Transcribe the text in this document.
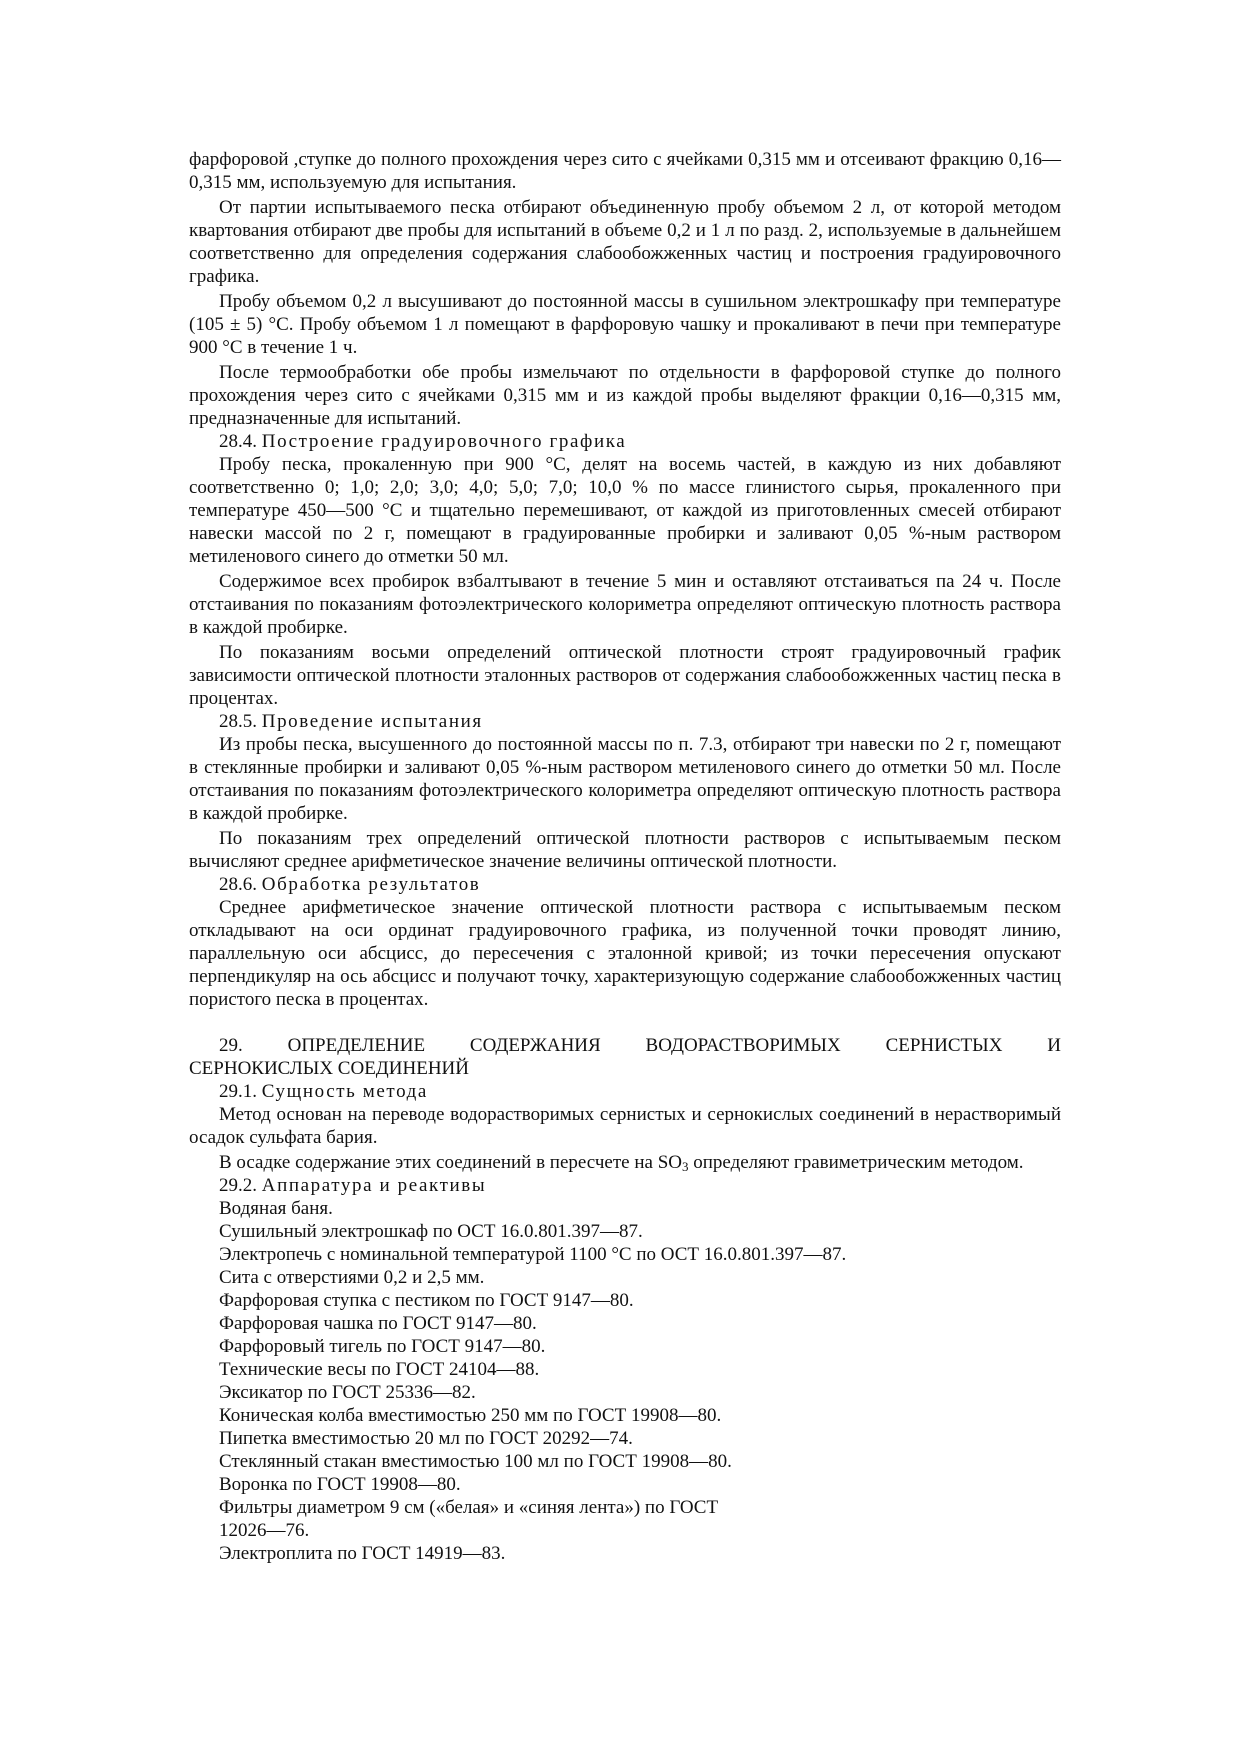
фарфоровой ,ступке до полного прохождения через сито с ячейками 0,315 мм и отсеивают фракцию 0,16—0,315 мм, используемую для испытания.

От партии испытываемого песка отбирают объединенную пробу объемом 2 л, от которой методом квартования отбирают две пробы для испытаний в объеме 0,2 и 1 л по разд. 2, используемые в дальнейшем соответственно для определения содержания слабообожженных частиц и построения градуировочного графика.

Пробу объемом 0,2 л высушивают до постоянной массы в сушильном электрошкафу при температуре (105 ± 5) °С. Пробу объемом 1 л помещают в фарфоровую чашку и прокаливают в печи при температуре 900 °С в течение 1 ч.

После термообработки обе пробы измельчают по отдельности в фарфоровой ступке до полного прохождения через сито с ячейками 0,315 мм и из каждой пробы выделяют фракции 0,16—0,315 мм, предназначенные для испытаний.

28.4. Построение градуировочного графика

Пробу песка, прокаленную при 900 °С, делят на восемь частей, в каждую из них добавляют соответственно 0; 1,0; 2,0; 3,0; 4,0; 5,0; 7,0; 10,0 % по массе глинистого сырья, прокаленного при температуре 450—500 °С и тщательно перемешивают, от каждой из приготовленных смесей отбирают навески массой по 2 г, помещают в градуированные пробирки и заливают 0,05 %-ным раствором метиленового синего до отметки 50 мл.

Содержимое всех пробирок взбалтывают в течение 5 мин и оставляют отстаиваться па 24 ч. После отстаивания по показаниям фотоэлектрического колориметра определяют оптическую плотность раствора в каждой пробирке.

По показаниям восьми определений оптической плотности строят градуировочный график зависимости оптической плотности эталонных растворов от содержания слабообожженных частиц песка в процентах.

28.5. Проведение испытания

Из пробы песка, высушенного до постоянной массы по п. 7.3, отбирают три навески по 2 г, помещают в стеклянные пробирки и заливают 0,05 %-ным раствором метиленового синего до отметки 50 мл. После отстаивания по показаниям фотоэлектрического колориметра определяют оптическую плотность раствора в каждой пробирке.

По показаниям трех определений оптической плотности растворов с испытываемым песком вычисляют среднее арифметическое значение величины оптической плотности.

28.6. Обработка результатов

Среднее арифметическое значение оптической плотности раствора с испытываемым песком откладывают на оси ординат градуировочного графика, из полученной точки проводят линию, параллельную оси абсцисс, до пересечения с эталонной кривой; из точки пересечения опускают перпендикуляр на ось абсцисс и получают точку, характеризующую содержание слабообожженных частиц пористого песка в процентах.

29. ОПРЕДЕЛЕНИЕ СОДЕРЖАНИЯ ВОДОРАСТВОРИМЫХ СЕРНИСТЫХ И

СЕРНОКИСЛЫХ СОЕДИНЕНИЙ

29.1. Сущность метода

Метод основан на переводе водорастворимых сернистых и сернокислых соединений в нерастворимый осадок сульфата бария.

В осадке содержание этих соединений в пересчете на $SO_3$ определяют гравиметрическим методом.

29.2. Аппаратура и реактивы

Водяная баня.

Сушильный электрошкаф по ОСТ 16.0.801.397—87.

Электропечь с номинальной температурой 1100 °С по ОСТ 16.0.801.397—87.

Сита с отверстиями 0,2 и 2,5 мм.

Фарфоровая ступка с пестиком по ГОСТ 9147—80.

Фарфоровая чашка по ГОСТ 9147—80.

Фарфоровый тигель по ГОСТ 9147—80.

Технические весы по ГОСТ 24104—88.

Эксикатор по ГОСТ 25336—82.

Коническая колба вместимостью 250 мм по ГОСТ 19908—80.

Пипетка вместимостью 20 мл по ГОСТ 20292—74.

Стеклянный стакан вместимостью 100 мл по ГОСТ 19908—80.

Воронка по ГОСТ 19908—80.

Фильтры диаметром 9 см («белая» и «синяя лента») по ГОСТ

12026—76.

Электроплита по ГОСТ 14919—83.
